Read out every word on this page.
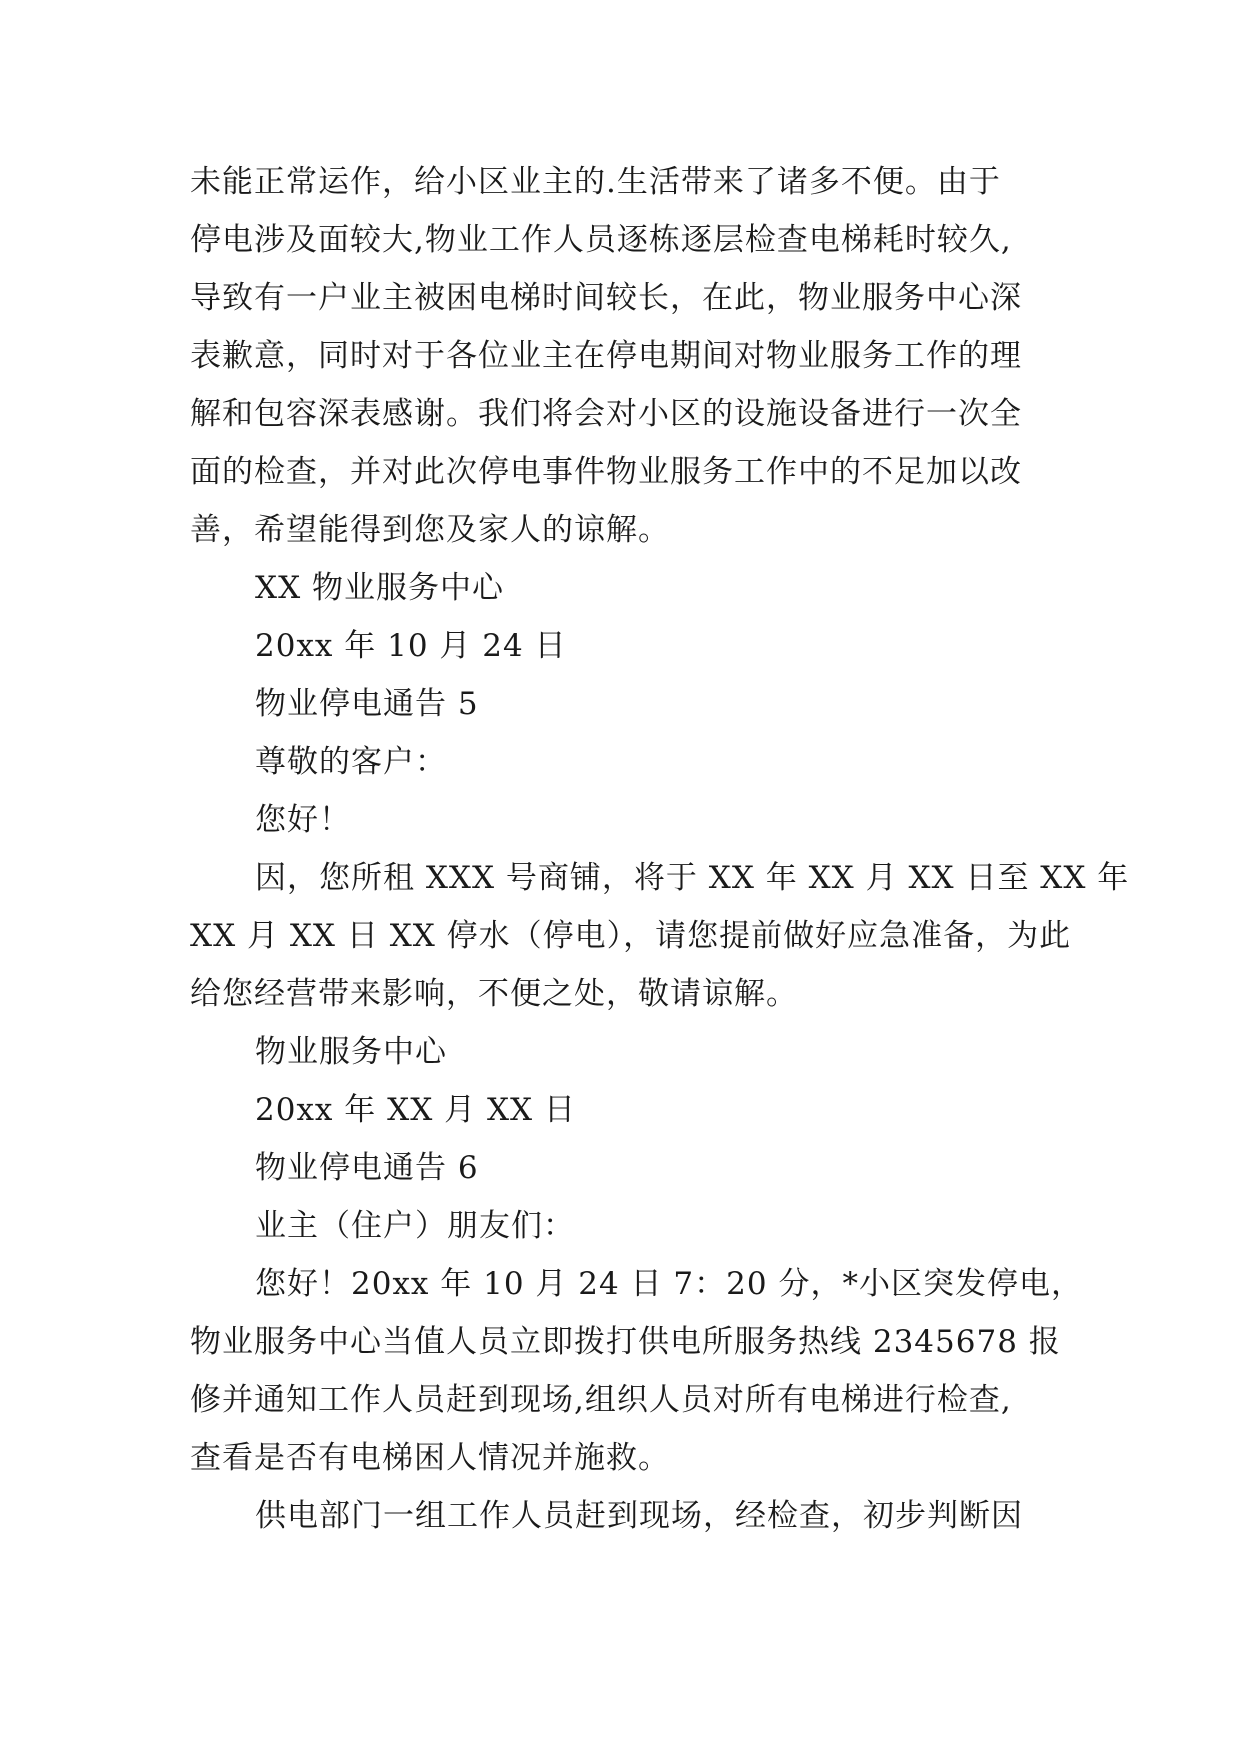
未能正常运作，给小区业主的.生活带来了诸多不便。由于
停电涉及面较大,物业工作人员逐栋逐层检查电梯耗时较久,
导致有一户业主被困电梯时间较长，在此，物业服务中心深
表歉意，同时对于各位业主在停电期间对物业服务工作的理
解和包容深表感谢。我们将会对小区的设施设备进行一次全
面的检查，并对此次停电事件物业服务工作中的不足加以改
善，希望能得到您及家人的谅解。
XX 物业服务中心
20xx 年 10 月 24 日
物业停电通告 5
尊敬的客户：
您好！
因，您所租 XXX 号商铺，将于 XX 年 XX 月 XX 日至 XX 年
XX 月 XX 日 XX 停水（停电），请您提前做好应急准备，为此
给您经营带来影响，不便之处，敬请谅解。
物业服务中心
20xx 年 XX 月 XX 日
物业停电通告 6
业主（住户）朋友们：
您好！20xx 年 10 月 24 日 7：20 分，*小区突发停电，
物业服务中心当值人员立即拨打供电所服务热线 2345678 报
修并通知工作人员赶到现场,组织人员对所有电梯进行检查,
查看是否有电梯困人情况并施救。
供电部门一组工作人员赶到现场，经检查，初步判断因
